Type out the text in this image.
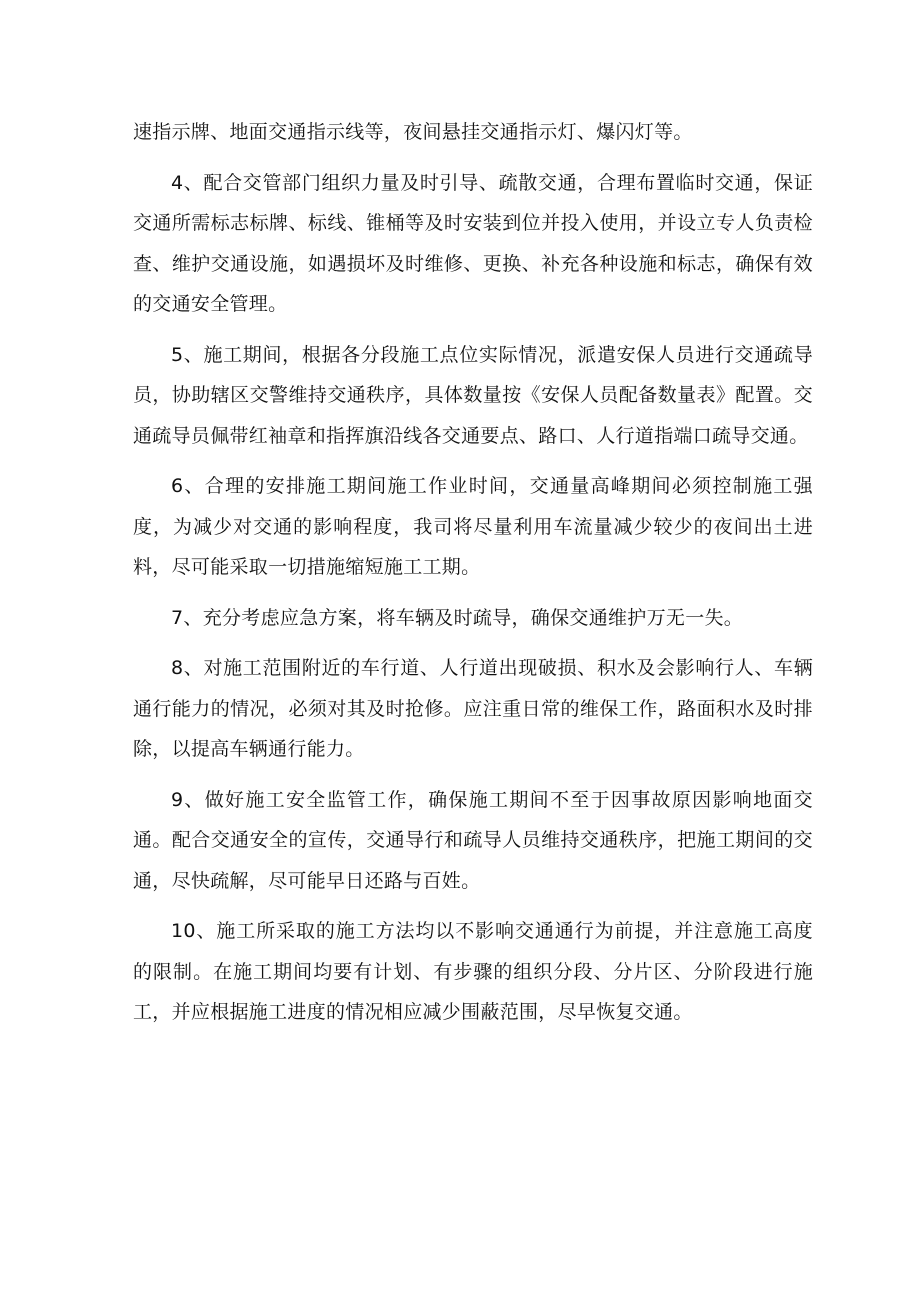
速指示牌、地面交通指示线等，夜间悬挂交通指示灯、爆闪灯等。

4、配合交管部门组织力量及时引导、疏散交通，合理布置临时交通，保证交通所需标志标牌、标线、锥桶等及时安装到位并投入使用，并设立专人负责检查、维护交通设施，如遇损坏及时维修、更换、补充各种设施和标志，确保有效的交通安全管理。

5、施工期间，根据各分段施工点位实际情况，派遣安保人员进行交通疏导员，协助辖区交警维持交通秩序，具体数量按《安保人员配备数量表》配置。交通疏导员佩带红袖章和指挥旗沿线各交通要点、路口、人行道指端口疏导交通。

6、合理的安排施工期间施工作业时间，交通量高峰期间必须控制施工强度，为减少对交通的影响程度，我司将尽量利用车流量减少较少的夜间出土进料，尽可能采取一切措施缩短施工工期。

7、充分考虑应急方案，将车辆及时疏导，确保交通维护万无一失。

8、对施工范围附近的车行道、人行道出现破损、积水及会影响行人、车辆通行能力的情况，必须对其及时抢修。应注重日常的维保工作，路面积水及时排除，以提高车辆通行能力。

9、做好施工安全监管工作，确保施工期间不至于因事故原因影响地面交通。配合交通安全的宣传，交通导行和疏导人员维持交通秩序，把施工期间的交通，尽快疏解，尽可能早日还路与百姓。

10、施工所采取的施工方法均以不影响交通通行为前提，并注意施工高度的限制。在施工期间均要有计划、有步骤的组织分段、分片区、分阶段进行施工，并应根据施工进度的情况相应减少围蔽范围，尽早恢复交通。
